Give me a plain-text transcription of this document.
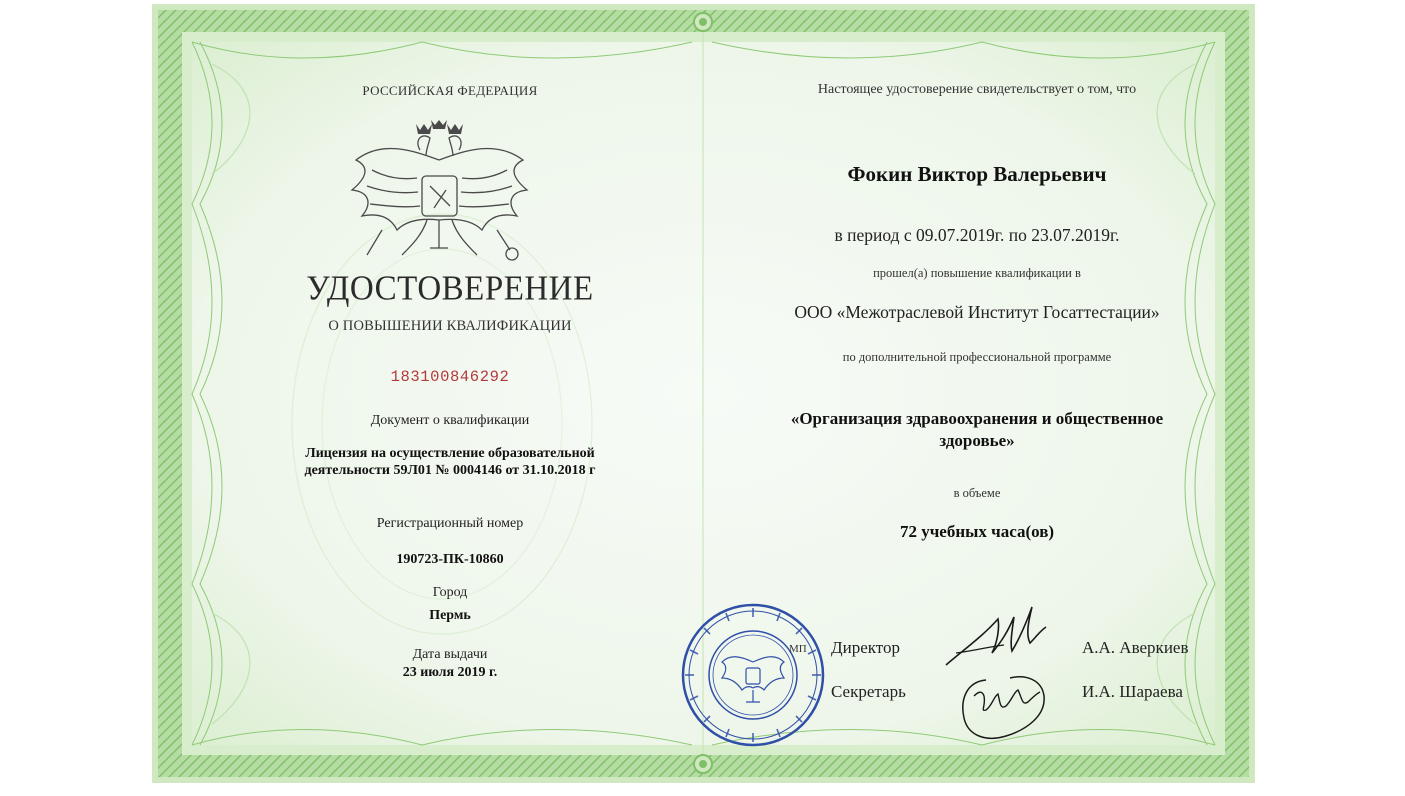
РОССИЙСКАЯ ФЕДЕРАЦИЯ
УДОСТОВЕРЕНИЕ
О ПОВЫШЕНИИ КВАЛИФИКАЦИИ
183100846292
Документ о квалификации
Лицензия на осуществление образовательной
деятельности 59Л01 № 0004146 от 31.10.2018 г
Регистрационный номер
190723-ПК-10860
Город
Пермь
Дата выдачи
23 июля 2019 г.
Настоящее удостоверение свидетельствует о том, что
Фокин Виктор Валерьевич
в период с 09.07.2019г. по 23.07.2019г.
прошел(а) повышение квалификации в
ООО «Межотраслевой Институт Госаттестации»
по дополнительной профессиональной программе
«Организация здравоохранения и общественное здоровье»
в объеме
72 учебных часа(ов)
МП Директор	А.А. Аверкиев
Секретарь	И.А. Шараева
